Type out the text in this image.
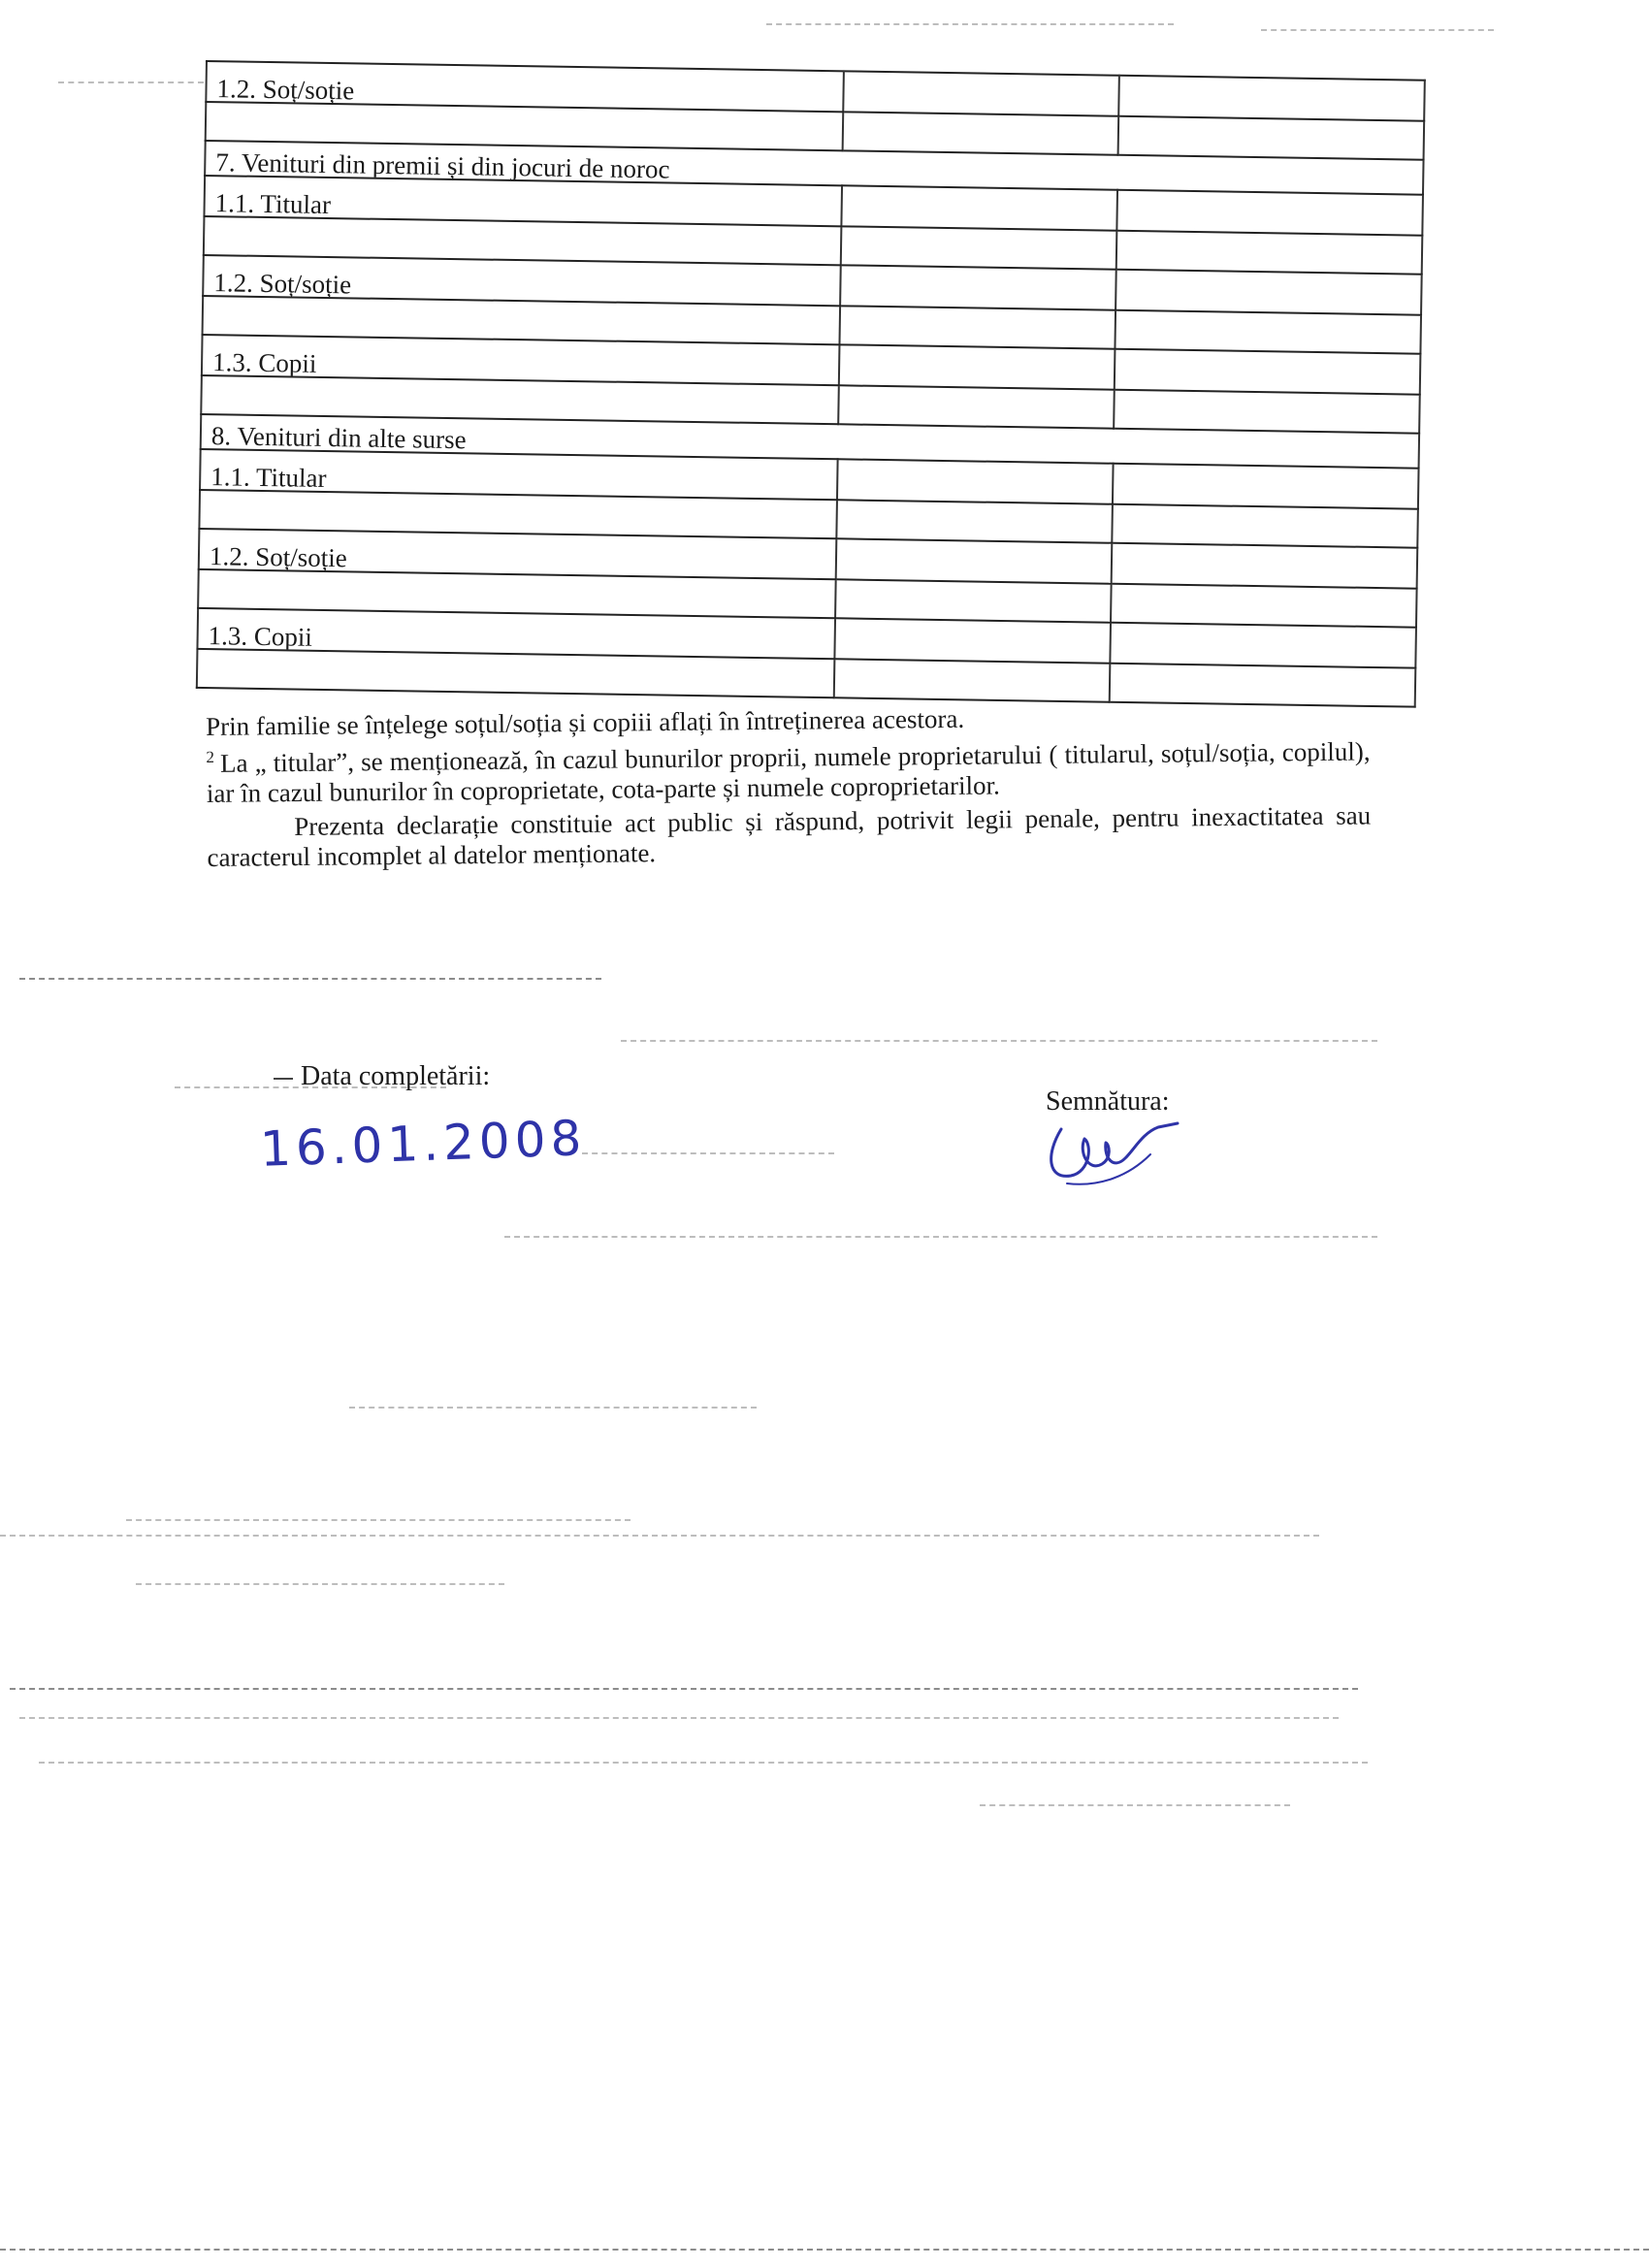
1.2. Soț/soție		

7. Venituri din premii și din jocuri de noroc		
1.1. Titular		

1.2. Soț/soție		

1.3. Copii		

8. Venituri din alte surse		
1.1. Titular		

1.2. Soț/soție		

1.3. Copii		

Prin familie se înțelege soțul/soția și copiii aflați în întreținerea acestora.

$^2$ La „ titular”, se menționează, în cazul bunurilor proprii, numele proprietarului ( titularul, soțul/soția, copilul), iar în cazul bunurilor în coproprietate, cota-parte și numele coproprietarilor.

Prezenta declarație constituie act public și răspund, potrivit legii penale, pentru inexactitatea sau caracterul incomplet al datelor menționate.

Data completării:
16.01.2008
Semnătura:
